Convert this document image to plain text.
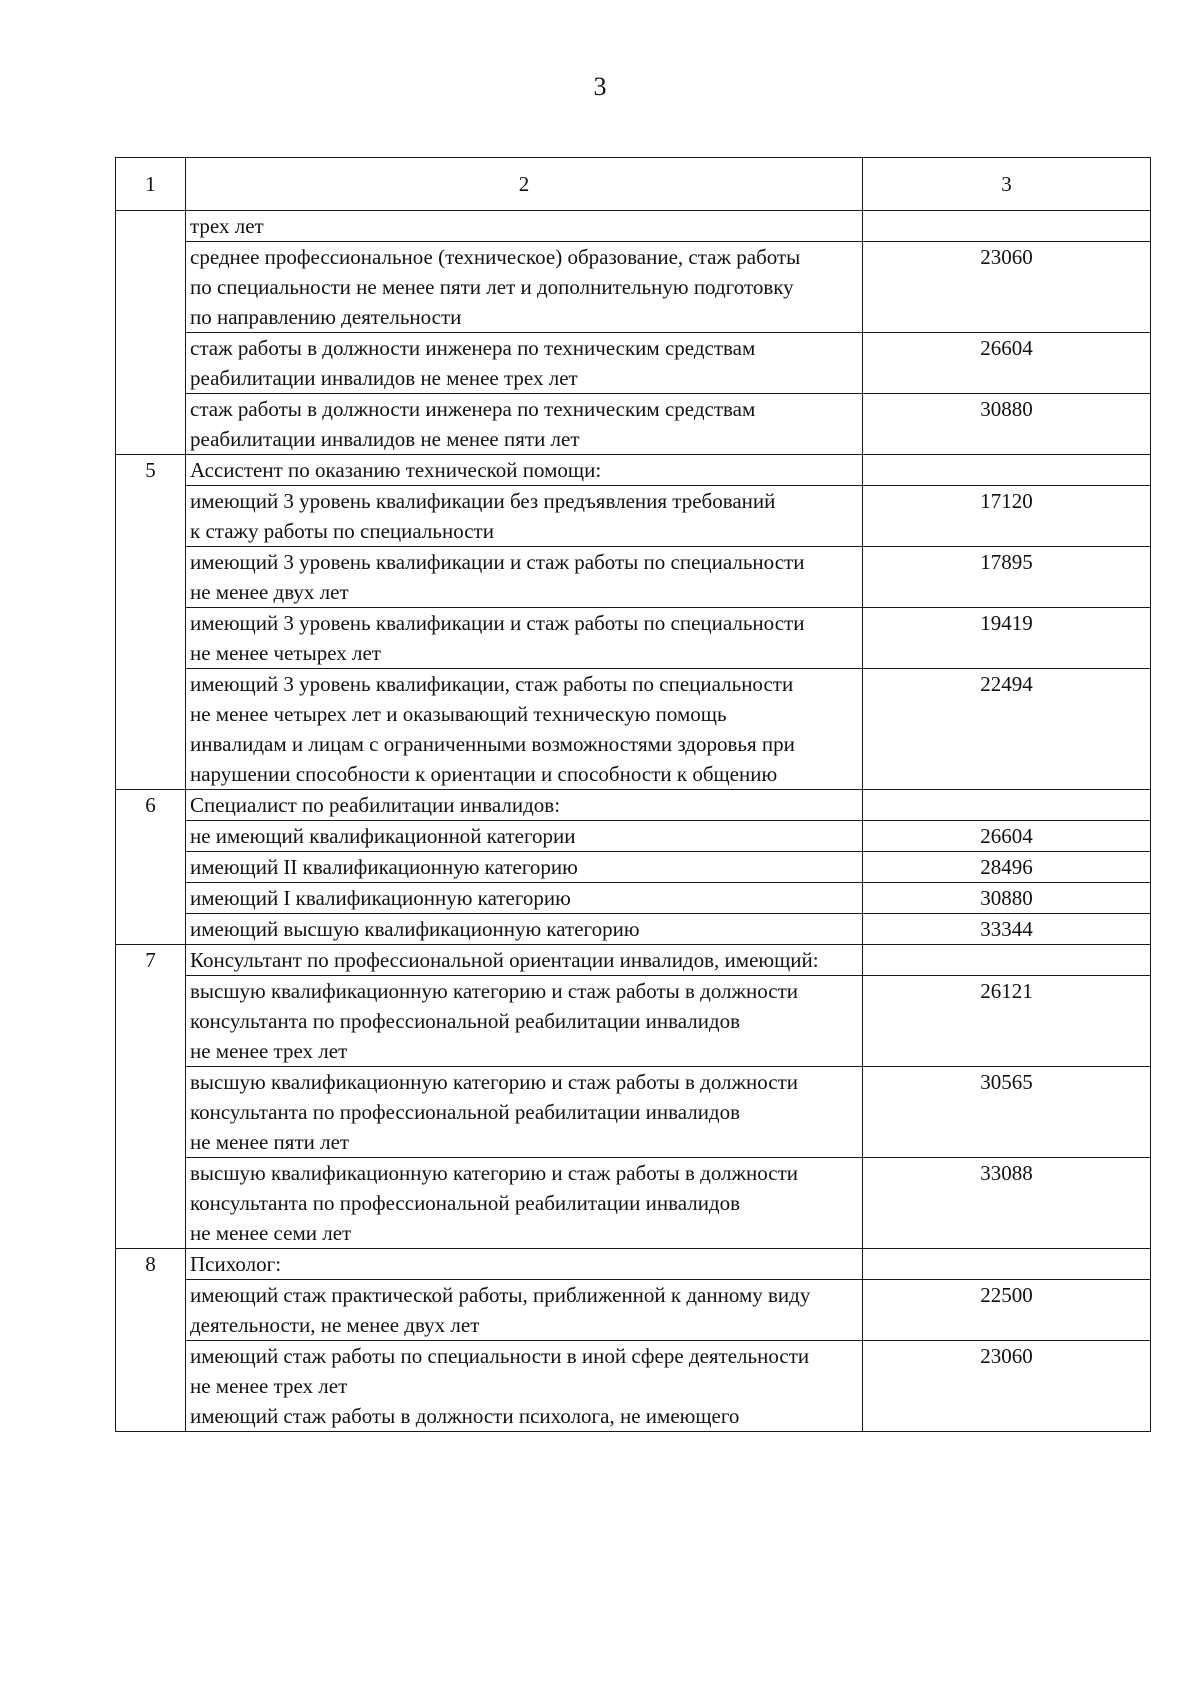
3
1	2	3
	трех лет	
	среднее профессиональное (техническое) образование, стаж работы
по специальности не менее пяти лет и дополнительную подготовку
по направлению деятельности	23060
	стаж работы в должности инженера по техническим средствам
реабилитации инвалидов не менее трех лет	26604
	стаж работы в должности инженера по техническим средствам
реабилитации инвалидов не менее пяти лет	30880
5	Ассистент по оказанию технической помощи:	
	имеющий 3 уровень квалификации без предъявления требований
к стажу работы по специальности	17120
	имеющий 3 уровень квалификации и стаж работы по специальности
не менее двух лет	17895
	имеющий 3 уровень квалификации и стаж работы по специальности
не менее четырех лет	19419
	имеющий 3 уровень квалификации, стаж работы по специальности
не менее четырех лет и оказывающий техническую помощь
инвалидам и лицам с ограниченными возможностями здоровья при
нарушении способности к ориентации и способности к общению	22494
6	Специалист по реабилитации инвалидов:	
	не имеющий квалификационной категории	26604
	имеющий II квалификационную категорию	28496
	имеющий I квалификационную категорию	30880
	имеющий высшую квалификационную категорию	33344
7	Консультант по профессиональной ориентации инвалидов, имеющий:	
	высшую квалификационную категорию и стаж работы в должности
консультанта по профессиональной реабилитации инвалидов
не менее трех лет	26121
	высшую квалификационную категорию и стаж работы в должности
консультанта по профессиональной реабилитации инвалидов
не менее пяти лет	30565
	высшую квалификационную категорию и стаж работы в должности
консультанта по профессиональной реабилитации инвалидов
не менее семи лет	33088
8	Психолог:	
	имеющий стаж практической работы, приближенной к данному виду
деятельности, не менее двух лет	22500
	имеющий стаж работы по специальности в иной сфере деятельности
не менее трех лет
имеющий стаж работы в должности психолога, не имеющего	23060
